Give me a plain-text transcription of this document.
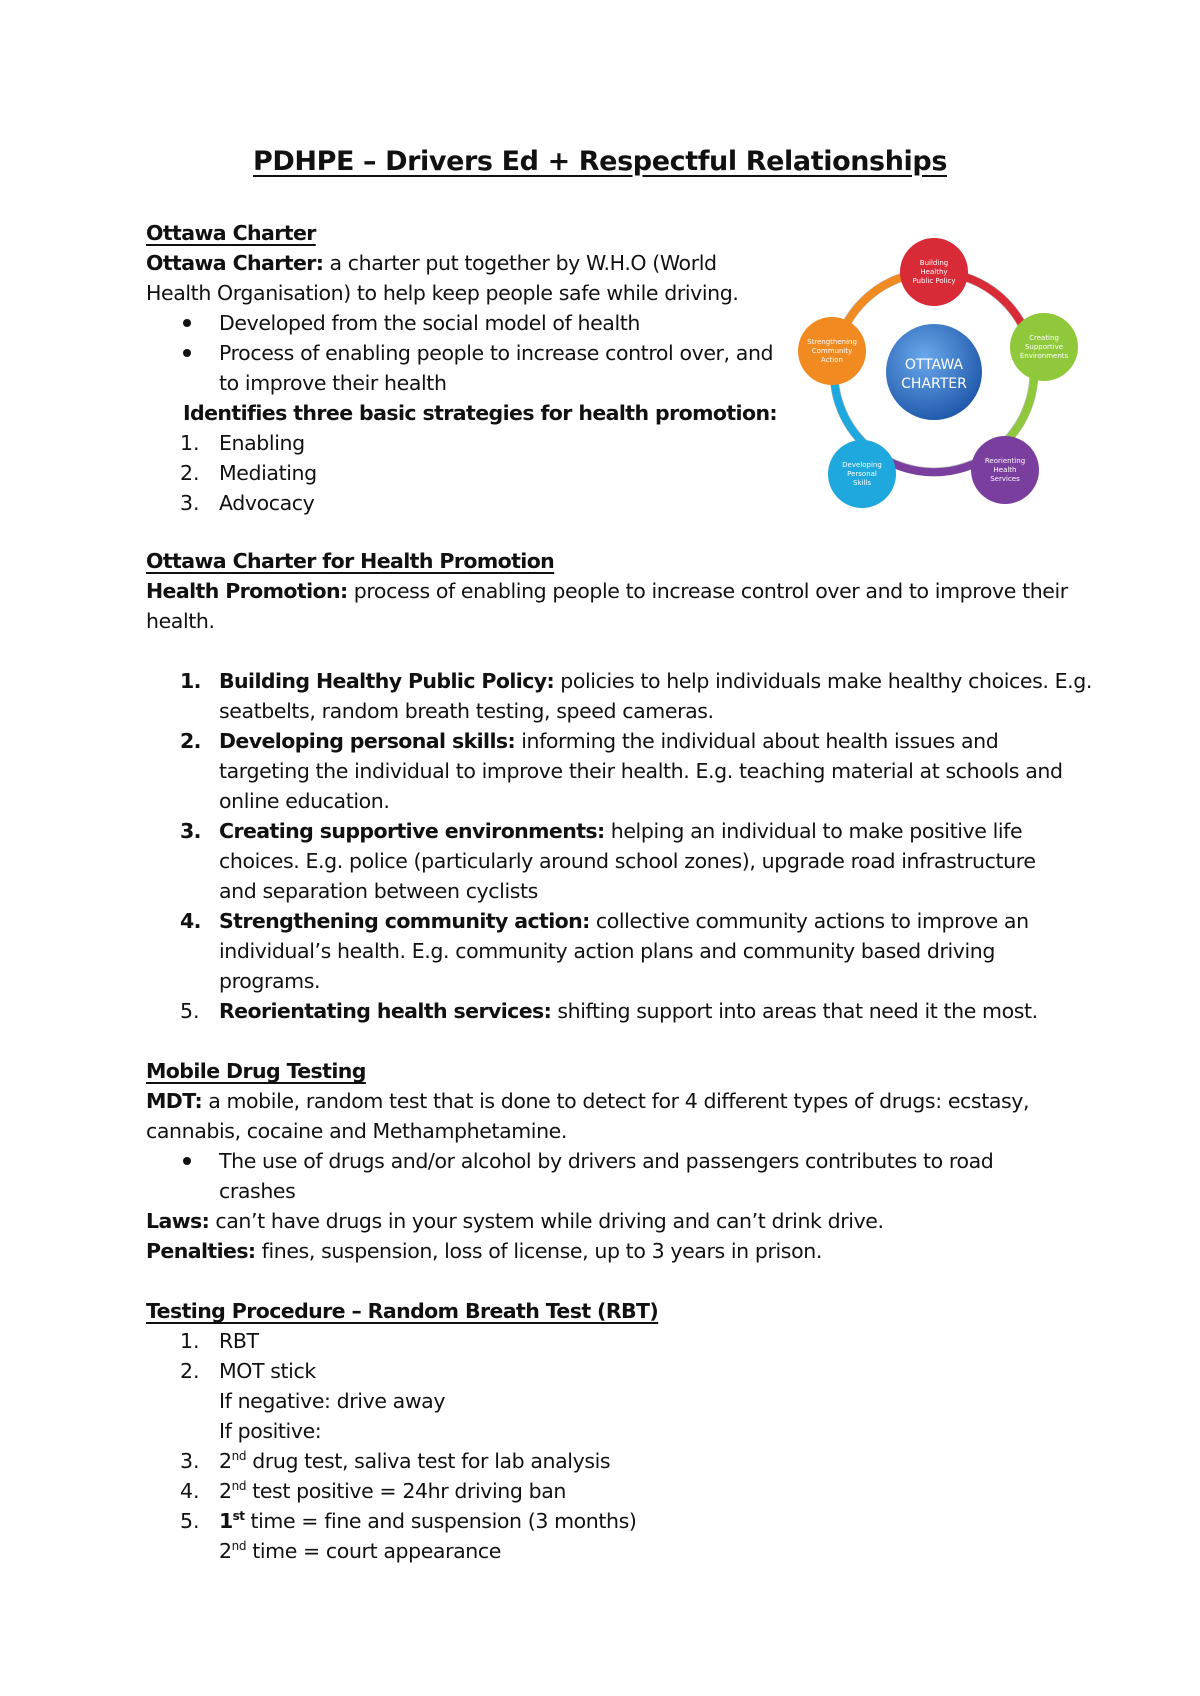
PDHPE – Drivers Ed + Respectful Relationships
Ottawa Charter
Ottawa Charter: a charter put together by W.H.O (World
Health Organisation) to help keep people safe while driving.
Developed from the social model of health
Process of enabling people to increase control over, and
to improve their health
Identifies three basic strategies for health promotion:
1. Enabling
2. Mediating
3. Advocacy
OTTAWA
CHARTER
Building
Healthy
Public Policy
Creating
Supportive
Environments
Reorienting
Health
Services
Developing
Personal
Skills
Strengthening
Community
Action
Ottawa Charter for Health Promotion
Health Promotion: process of enabling people to increase control over and to improve their
health.
1. Building Healthy Public Policy: policies to help individuals make healthy choices. E.g.
seatbelts, random breath testing, speed cameras.
2. Developing personal skills: informing the individual about health issues and
targeting the individual to improve their health. E.g. teaching material at schools and
online education.
3. Creating supportive environments: helping an individual to make positive life
choices. E.g. police (particularly around school zones), upgrade road infrastructure
and separation between cyclists
4. Strengthening community action: collective community actions to improve an
individual’s health. E.g. community action plans and community based driving
programs.
5. Reorientating health services: shifting support into areas that need it the most.
Mobile Drug Testing
MDT: a mobile, random test that is done to detect for 4 different types of drugs: ecstasy,
cannabis, cocaine and Methamphetamine.
The use of drugs and/or alcohol by drivers and passengers contributes to road
crashes
Laws: can’t have drugs in your system while driving and can’t drink drive.
Penalties: fines, suspension, loss of license, up to 3 years in prison.
Testing Procedure – Random Breath Test (RBT)
1. RBT
2. MOT stick
If negative: drive away
If positive:
3. 2nd drug test, saliva test for lab analysis
4. 2nd test positive = 24hr driving ban
5. 1st time = fine and suspension (3 months)
2nd time = court appearance
